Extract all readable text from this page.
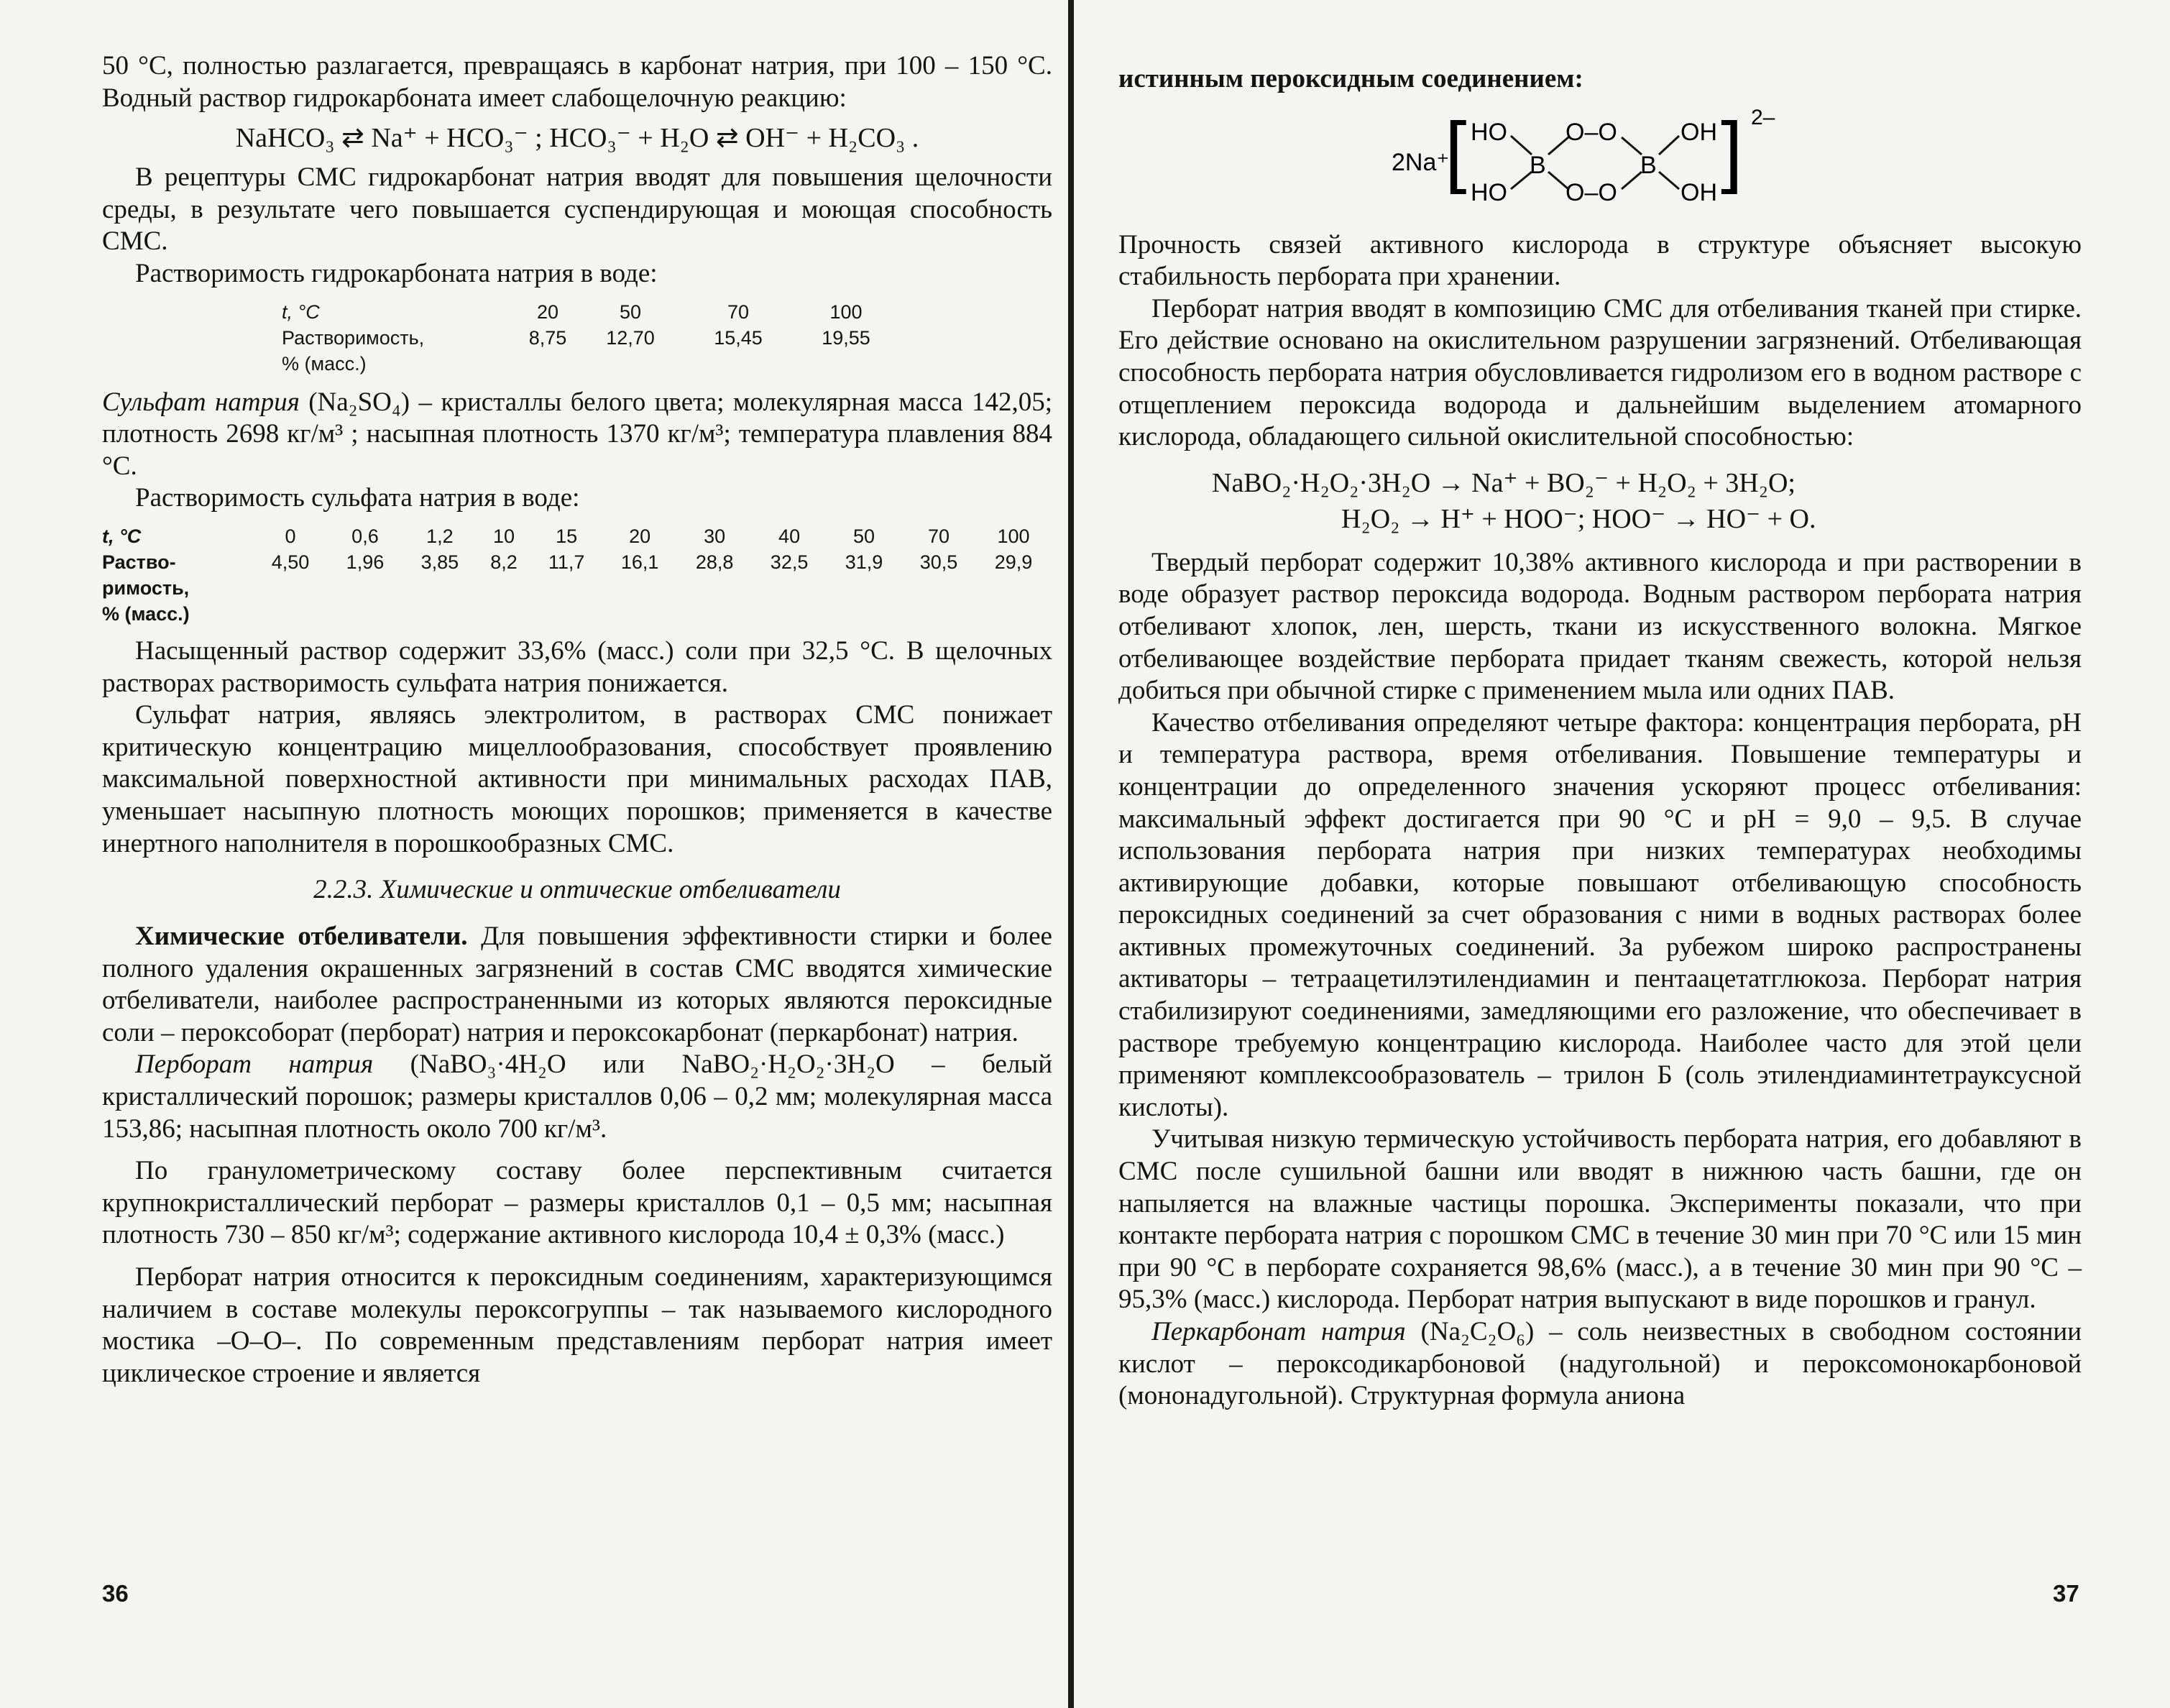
50 °С, полностью разлагается, превращаясь в карбонат натрия, при 100 – 150 °С. Водный раствор гидрокарбоната имеет слабощелочную реакцию:

NaHCO₃ ⇄ Na⁺ + HCO₃⁻ ; HCO₃⁻ + H₂O ⇄ OH⁻ + H₂CO₃ .

В рецептуры СМС гидрокарбонат натрия вводят для повышения щелочности среды, в результате чего повышается суспендирующая и моющая способность СМС.

Растворимость гидрокарбоната натрия в воде:

t, °С	20	50	70	100
Растворимость,	8,75	12,70	15,45	19,55
% (масс.)				

Сульфат натрия (Na₂SO₄) – кристаллы белого цвета; молекулярная масса 142,05; плотность 2698 кг/м³ ; насыпная плотность 1370 кг/м³; температура плавления 884 °С.

Растворимость сульфата натрия в воде:

t, °С	0	0,6	1,2	10	15	20	30	40	50	70	100
Раство-	4,50	1,96	3,85	8,2	11,7	16,1	28,8	32,5	31,9	30,5	29,9
римость,											
% (масс.)											

Насыщенный раствор содержит 33,6% (масс.) соли при 32,5 °С. В щелочных растворах растворимость сульфата натрия понижается.

Сульфат натрия, являясь электролитом, в растворах СМС понижает критическую концентрацию мицеллообразования, способствует проявлению максимальной поверхностной активности при минимальных расходах ПАВ, уменьшает насыпную плотность моющих порошков; применяется в качестве инертного наполнителя в порошкообразных СМС.

2.2.3. Химические и оптические отбеливатели

Химические отбеливатели. Для повышения эффективности стирки и более полного удаления окрашенных загрязнений в состав СМС вводятся химические отбеливатели, наиболее распространенными из которых являются пероксидные соли – пероксоборат (перборат) натрия и пероксокарбонат (перкарбонат) натрия.

Перборат натрия (NaBO₃·4H₂O или NaBO₂·H₂O₂·3H₂O – белый кристаллический порошок; размеры кристаллов 0,06 – 0,2 мм; молекулярная масса 153,86; насыпная плотность около 700 кг/м³.

По гранулометрическому составу более перспективным считается крупнокристаллический перборат – размеры кристаллов 0,1 – 0,5 мм; насыпная плотность 730 – 850 кг/м³; содержание активного кислорода 10,4 ± 0,3% (масс.)

Перборат натрия относится к пероксидным соединениям, характеризующимся наличием в составе молекулы пероксогруппы – так называемого кислородного мостика –O–O–. По современным представлениям перборат натрия имеет циклическое строение и является

36

истинным пероксидным соединением:

2Na⁺
[ HO
HO
B
O–O
O–O
B
OH
OH ] 2–

Прочность связей активного кислорода в структуре объясняет высокую стабильность пербората при хранении.

Перборат натрия вводят в композицию СМС для отбеливания тканей при стирке. Его действие основано на окислительном разрушении загрязнений. Отбеливающая способность пербората натрия обусловливается гидролизом его в водном растворе с отщеплением пероксида водорода и дальнейшим выделением атомарного кислорода, обладающего сильной окислительной способностью:

NaBO₂·H₂O₂·3H₂O → Na⁺ + BO₂⁻ + H₂O₂ + 3H₂O;

H₂O₂ → H⁺ + HOO⁻; HOO⁻ → HO⁻ + O.

Твердый перборат содержит 10,38% активного кислорода и при растворении в воде образует раствор пероксида водорода. Водным раствором пербората натрия отбеливают хлопок, лен, шерсть, ткани из искусственного волокна. Мягкое отбеливающее воздействие пербората придает тканям свежесть, которой нельзя добиться при обычной стирке с применением мыла или одних ПАВ.

Качество отбеливания определяют четыре фактора: концентрация пербората, pH и температура раствора, время отбеливания. Повышение температуры и концентрации до определенного значения ускоряют процесс отбеливания: максимальный эффект достигается при 90 °С и pH = 9,0 – 9,5. В случае использования пербората натрия при низких температурах необходимы активирующие добавки, которые повышают отбеливающую способность пероксидных соединений за счет образования с ними в водных растворах более активных промежуточных соединений. За рубежом широко распространены активаторы – тетраацетилэтилендиамин и пентаацетатглюкоза. Перборат натрия стабилизируют соединениями, замедляющими его разложение, что обеспечивает в растворе требуемую концентрацию кислорода. Наиболее часто для этой цели применяют комплексообразователь – трилон Б (соль этилендиаминтетрауксусной кислоты).

Учитывая низкую термическую устойчивость пербората натрия, его добавляют в СМС после сушильной башни или вводят в нижнюю часть башни, где он напыляется на влажные частицы порошка. Эксперименты показали, что при контакте пербората натрия с порошком СМС в течение 30 мин при 70 °С или 15 мин при 90 °С в перборате сохраняется 98,6% (масс.), а в течение 30 мин при 90 °С – 95,3% (масс.) кислорода. Перборат натрия выпускают в виде порошков и гранул.

Перкарбонат натрия (Na₂C₂O₆) – соль неизвестных в свободном состоянии кислот – пероксодикарбоновой (надугольной) и пероксомонокарбоновой (мононадугольной). Структурная формула аниона

37
